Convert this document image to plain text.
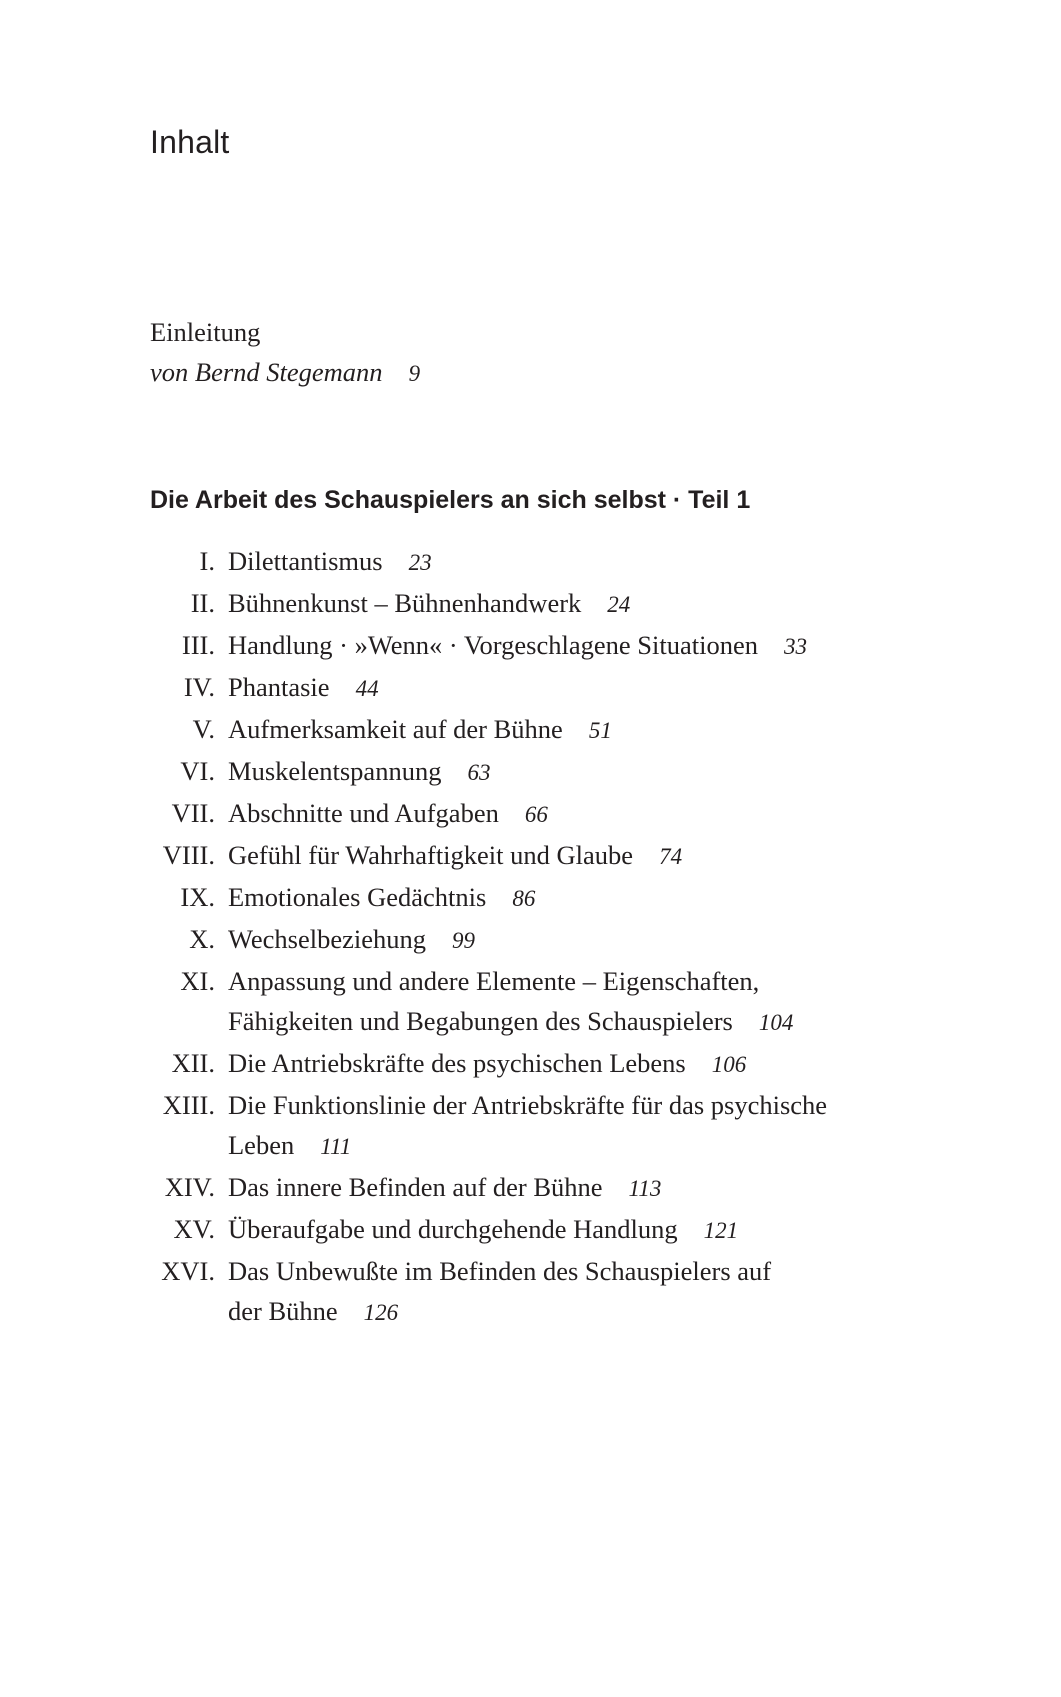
Inhalt
Einleitung
von Bernd Stegemann 9
Die Arbeit des Schauspielers an sich selbst · Teil 1
I. Dilettantismus 23
II. Bühnenkunst – Bühnenhandwerk 24
III. Handlung · »Wenn« · Vorgeschlagene Situationen 33
IV. Phantasie 44
V. Aufmerksamkeit auf der Bühne 51
VI. Muskelentspannung 63
VII. Abschnitte und Aufgaben 66
VIII. Gefühl für Wahrhaftigkeit und Glaube 74
IX. Emotionales Gedächtnis 86
X. Wechselbeziehung 99
XI. Anpassung und andere Elemente – Eigenschaften,
Fähigkeiten und Begabungen des Schauspielers 104
XII. Die Antriebskräfte des psychischen Lebens 106
XIII. Die Funktionslinie der Antriebskräfte für das psychische
Leben 111
XIV. Das innere Befinden auf der Bühne 113
XV. Überaufgabe und durchgehende Handlung 121
XVI. Das Unbewußte im Befinden des Schauspielers auf
der Bühne 126
